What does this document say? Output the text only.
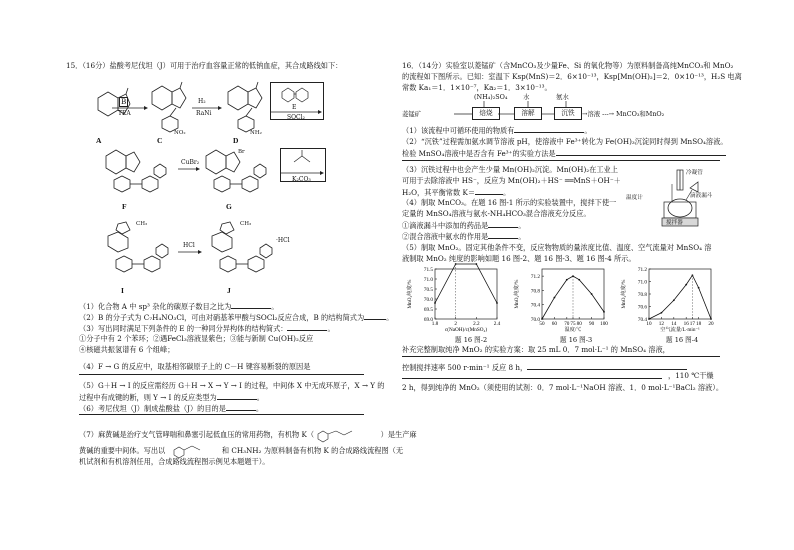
15．（16分）盐酸考尼伐坦（J）可用于治疗血容量正常的低钠血症，其合成路线如下：
A
B
TEA
NO₂
C
H₂
RaNi
NH₂
D
E
SOCl₂
F
CuBr₂
Br
G
K₂CO₃
CH₃
I
HCl
CH₃
·HCl
J
（1）化合物 A 中 sp³ 杂化的碳原子数目之比为	。
（2）B 的分子式为 C₇H₄NO₃Cl，可由对硝基苯甲酸与SOCl₂反应合成，B 的结构简式为	。
（3）写出同时满足下列条件的 E 的一种同分异构体的结构简式：	。
①分子中有 2 个苯环；②遇FeCl₃溶液显紫色；③能与新制 Cu(OH)₂反应
④核磁共振氢谱有 6 个组峰；
（4）F → G 的反应中，取基相邻碳原子上的 C－H 键容易断裂的原因是
（5）G＋H → I 的反应需经历 G＋H → X → Y → I 的过程，中间体 X 中无成环原子，X → Y 的
过程中有成键的断，则 Y → I 的反应类型为	。
（6）考尼伐坦（J）制成盐酸盐（J）的目的是	。
（7）麻黄碱是治疗支气管哮喘和鼻塞引起低血压的常用药物，有机物 K（	）是生产麻
黄碱的重要中间体。写出以	和 CH₃NH₂ 为原料制备有机物 K 的合成路线流程图（无
机试剂和有机溶剂任用，合成路线流程图示例见本题题干）。
16．（14分）实验室以菱锰矿（含MnCO₃及少量Fe、Si 的氧化物等）为原料制备高纯MnCO₃和 MnO₂
的流程如下图所示。已知：室温下 Ksp(MnS)＝2．6×10⁻¹³，Ksp[Mn(OH)₂]＝2．0×10⁻¹³，H₂S 电离
常数 Ka₁＝1．1×10⁻⁷，Ka₂＝1．3×10⁻¹³。
(NH₄)₂SO₄ 水	氨水
菱锰矿	焙烧	溶解	沉铁	→溶液 ---→ MnCO₃和MnO₂
（1）该流程中可循环使用的物质有	。
（2）“沉铁”过程需加氨水调节溶液 pH，使溶液中 Fe³⁺转化为 Fe(OH)₃沉淀同时得到 MnSO₄溶液。
检验 MnSO₄溶液中是否含有 Fe³⁺的实验方法是
（3）沉铁过程中也会产生少量 Mn(OH)₂沉淀。Mn(OH)₂在工业上
可用于去除溶液中 HS⁻，反应为 Mn(OH)₂＋HS⁻ ══MnS＋OH⁻＋
H₂O，其平衡常数 K＝	。
（4）制取 MnCO₃。在题 16 图-1 所示的实验装置中，搅拌下使一
定量的 MnSO₄溶液与氨水-NH₄HCO₃混合溶液充分反应。
①滴液漏斗中添加的药品是	。
②混合溶液中氨水的作用是	。
冷凝管
温度计	滴液漏斗
搅拌器
（5）制取 MnO₂。固定其他条件不变，反应物物质的量浓度比值、温度、空气流量对 MnSO₄ 溶
液制取 MnO₂ 纯度的影响如题 16 图-2、题 16 图-3、题 16 图-4 所示。
69.0
69.5
70.0
70.5
71.0
71.5
1.8	2	2.2	2.4
c(NaOH)/c(MnSO₄)
MnO₂纯度/%
70.0
70.4
70.8
71.2
50 60 70 75 80 90 100
温度/℃
MnO₂纯度/%
70.4
70.6
70.8
71.0
71.2
10 12 14 16 17 18 20
空气流量/L·min⁻¹
MnO₂纯度/%
题 16 图-2	题 16 图-3	题 16 图-4
补充完整制取纯净 MnO₂ 的实验方案：取 25 mL 0．7 mol·L⁻¹ 的 MnSO₄ 溶液，
控制搅拌速率 500 r·min⁻¹ 反应 8 h，
，110 ℃干燥
2 h，得到纯净的 MnO₂（须使用的试剂：0．7 mol·L⁻¹NaOH 溶液、1．0 mol·L⁻¹BaCl₂ 溶液）。
